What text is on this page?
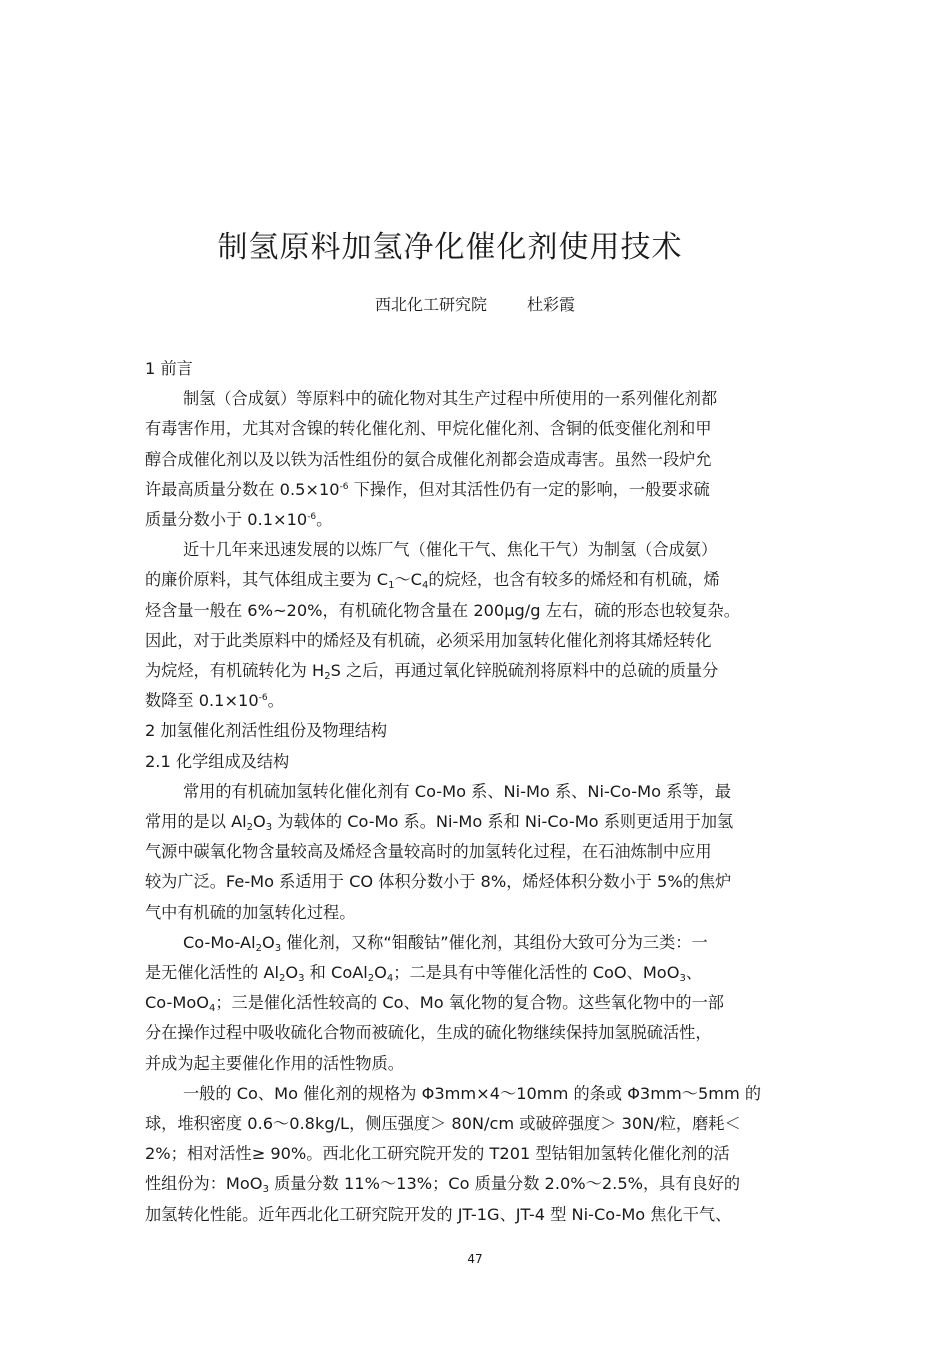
制氢原料加氢净化催化剂使用技术
西北化工研究院	杜彩霞
1 前言
制氢（合成氨）等原料中的硫化物对其生产过程中所使用的一系列催化剂都
有毒害作用，尤其对含镍的转化催化剂、甲烷化催化剂、含铜的低变催化剂和甲
醇合成催化剂以及以铁为活性组份的氨合成催化剂都会造成毒害。虽然一段炉允
许最高质量分数在 $0.5\times 10^{-6}$ 下操作，但对其活性仍有一定的影响，一般要求硫
质量分数小于 $0.1\times 10^{-6}$。
近十几年来迅速发展的以炼厂气（催化干气、焦化干气）为制氢（合成氨）
的廉价原料，其气体组成主要为 $C_1\sim C_4$的烷烃，也含有较多的烯烃和有机硫，烯
烃含量一般在 6%~20%，有机硫化物含量在 200μg/g 左右，硫的形态也较复杂。
因此，对于此类原料中的烯烃及有机硫，必须采用加氢转化催化剂将其烯烃转化
为烷烃，有机硫转化为 $H_2S$ 之后，再通过氧化锌脱硫剂将原料中的总硫的质量分
数降至 $0.1\times 10^{-6}$。
2 加氢催化剂活性组份及物理结构
2.1 化学组成及结构
常用的有机硫加氢转化催化剂有 Co-Mo 系、Ni-Mo 系、Ni-Co-Mo 系等，最
常用的是以 $Al_2O_3$ 为载体的 Co-Mo 系。Ni-Mo 系和 Ni-Co-Mo 系则更适用于加氢
气源中碳氧化物含量较高及烯烃含量较高时的加氢转化过程，在石油炼制中应用
较为广泛。Fe-Mo 系适用于 CO 体积分数小于 8%，烯烃体积分数小于 5%的焦炉
气中有机硫的加氢转化过程。
$Co-Mo-Al_2O_3$ 催化剂，又称“钼酸钴”催化剂，其组份大致可分为三类：一
是无催化活性的 $Al_2O_3$ 和 $CoAl_2O_4$；二是具有中等催化活性的 CoO、MoO$_3$、
Co-MoO$_4$；三是催化活性较高的 Co、Mo 氧化物的复合物。这些氧化物中的一部
分在操作过程中吸收硫化合物而被硫化，生成的硫化物继续保持加氢脱硫活性，
并成为起主要催化作用的活性物质。
一般的 Co、Mo 催化剂的规格为 Φ3mm×4～10mm 的条或 Φ3mm～5mm 的
球，堆积密度 0.6～0.8kg/L，侧压强度＞ 80N/cm 或破碎强度＞ 30N/粒，磨耗＜
2%；相对活性≥ 90%。西北化工研究院开发的 T201 型钴钼加氢转化催化剂的活
性组份为：MoO$_3$ 质量分数 11%～13%；Co 质量分数 2.0%～2.5%，具有良好的
加氢转化性能。近年西北化工研究院开发的 JT-1G、JT-4 型 Ni-Co-Mo 焦化干气、
47
